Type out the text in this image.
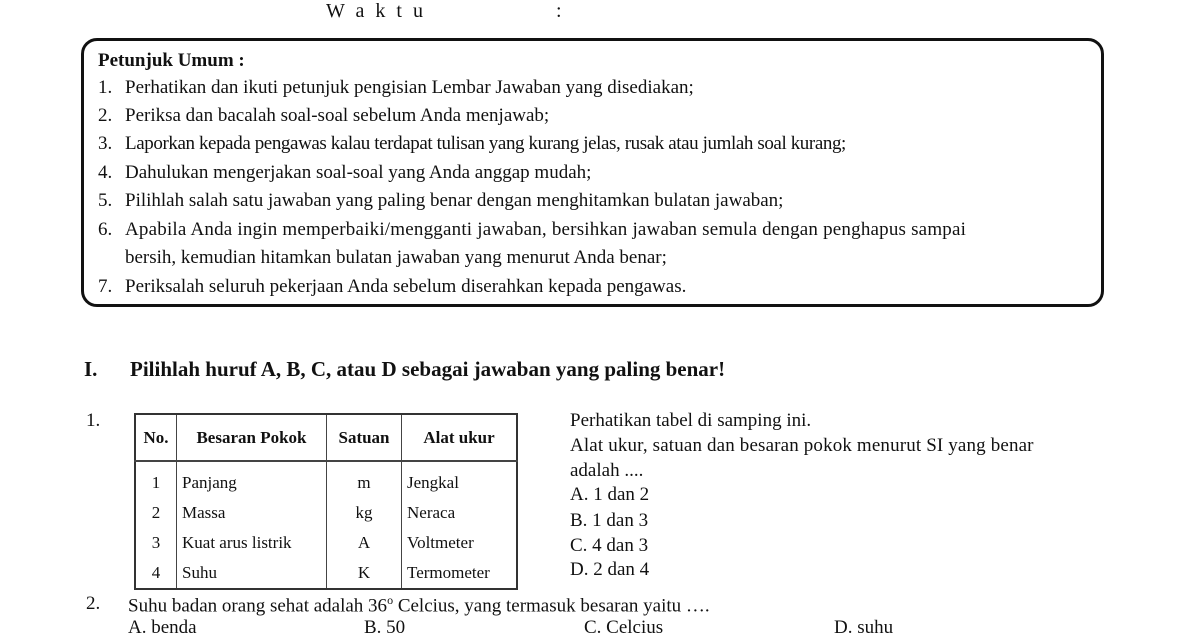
W a k t u	:
Petunjuk Umum :
1. Perhatikan dan ikuti petunjuk pengisian Lembar Jawaban yang disediakan;
2. Periksa dan bacalah soal-soal sebelum Anda menjawab;
3. Laporkan kepada pengawas kalau terdapat tulisan yang kurang jelas, rusak atau jumlah soal kurang;
4. Dahulukan mengerjakan soal-soal yang Anda anggap mudah;
5. Pilihlah salah satu jawaban yang paling benar dengan menghitamkan bulatan jawaban;
6. Apabila Anda ingin memperbaiki/mengganti jawaban, bersihkan jawaban semula dengan penghapus sampai
bersih, kemudian hitamkan bulatan jawaban yang menurut Anda benar;
7. Periksalah seluruh pekerjaan Anda sebelum diserahkan kepada pengawas.
I. Pilihlah huruf A, B, C, atau D sebagai jawaban yang paling benar!
1.
No.	Besaran Pokok	Satuan	Alat ukur
1	Panjang	m	Jengkal
2	Massa	kg	Neraca
3	Kuat arus listrik	A	Voltmeter
4	Suhu	K	Termometer
Perhatikan tabel di samping ini.
Alat ukur, satuan dan besaran pokok menurut SI yang benar
adalah ....
A. 1 dan 2
B. 1 dan 3
C. 4 dan 3
D. 2 dan 4
2. Suhu badan orang sehat adalah 36$^o$ Celcius, yang termasuk besaran yaitu ….
A. benda	B. 50	C. Celcius	D. suhu
